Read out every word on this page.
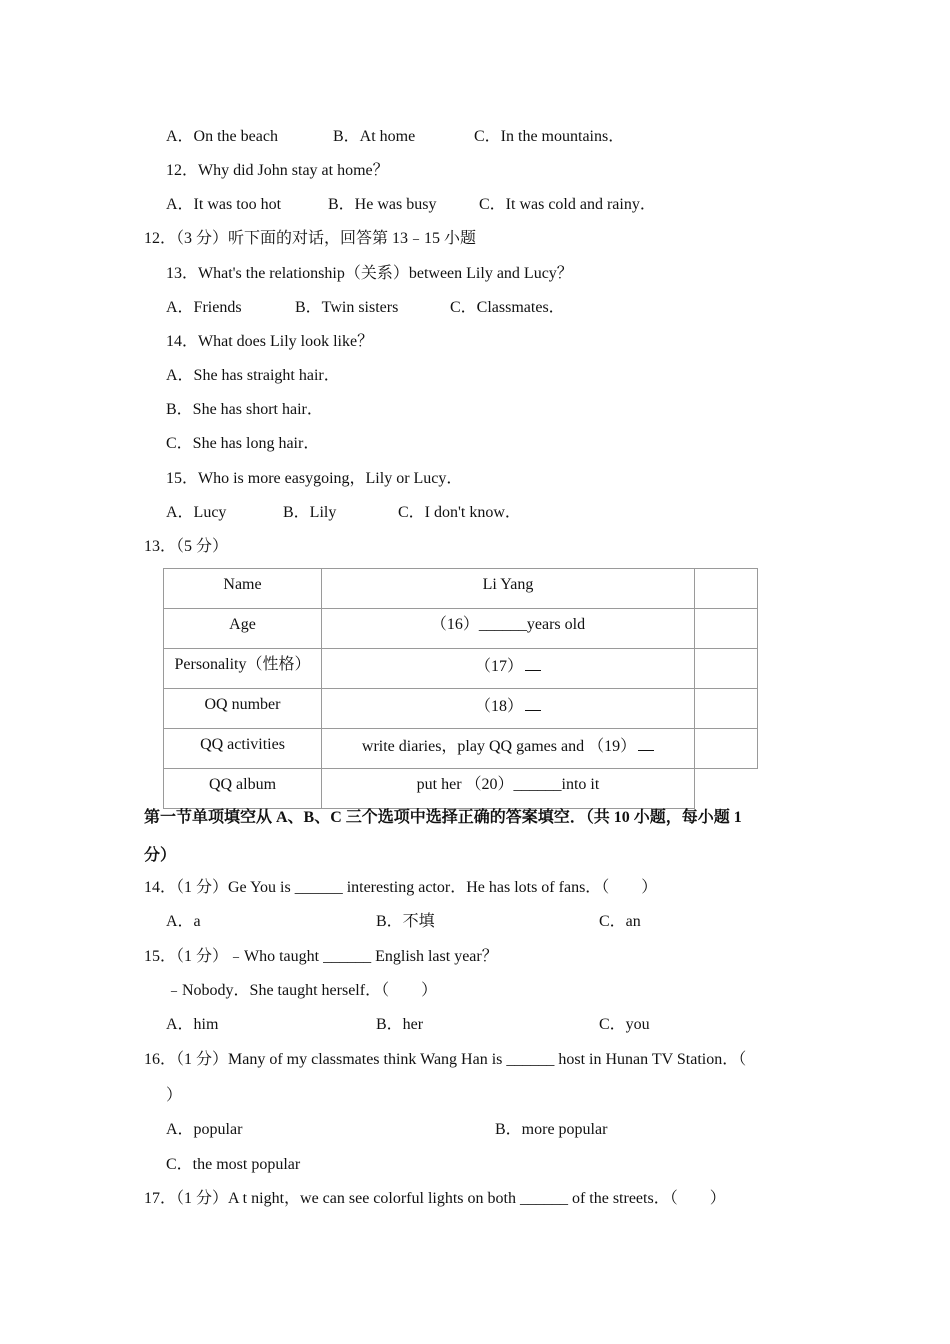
A．On the beach	B．At home	C．In the mountains．
12．Why did John stay at home？
A．It was too hot	B．He was busy	C．It was cold and rainy．
12．（3 分）听下面的对话，回答第 13﹣15 小题
13．What's the relationship（关系）between Lily and Lucy？
A．Friends	B．Twin sisters	C．Classmates．
14．What does Lily look like？
A．She has straight hair．
B．She has short hair．
C．She has long hair．
15．Who is more easygoing，Lily or Lucy．
A．Lucy	B．Lily	C．I don't know．
13．（5 分）
Name	Li Yang	
Age	（16）______years old	
Personality（性格）	（17）	
OQ number	（18）	
QQ activities	write diaries，play QQ games and （19）	
QQ album	put her （20）______into it	
第一节单项填空从 A、B、C 三个选项中选择正确的答案填空．（共 10 小题，每小题 1
分）
14．（1 分）Ge You is ______ interesting actor．He has lots of fans．（　　）
A．a	B．不填	C．an
15．（1 分）﹣Who taught ______ English last year？
﹣Nobody．She taught herself．（　　）
A．him	B．her	C．you
16．（1 分）Many of my classmates think Wang Han is ______ host in Hunan TV Station．（
）
A．popular	B．more popular
C．the most popular
17．（1 分）A t night，we can see colorful lights on both ______ of the streets．（　　）
